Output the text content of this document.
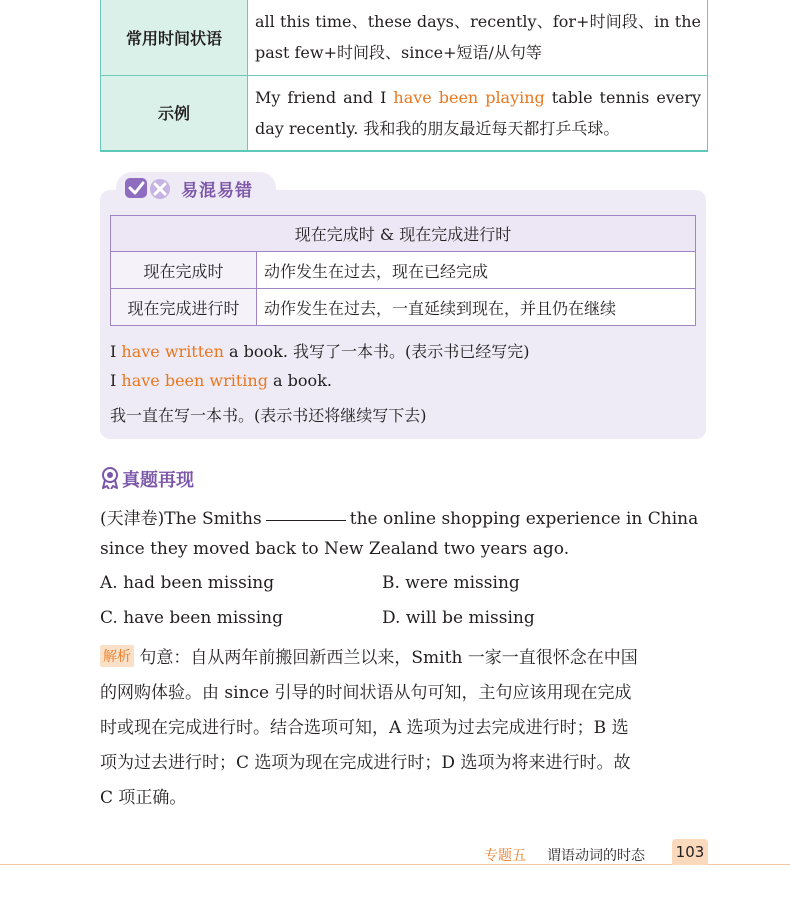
常用时间状语	all this time、these days、recently、for+时间段、in the past few+时间段、since+短语/从句等
示例	My friend and I have been playing table tennis every day recently. 我和我的朋友最近每天都打乒乓球。
易混易错
现在完成时 & 现在完成进行时	
现在完成时	动作发生在过去，现在已经完成
现在完成进行时	动作发生在过去，一直延续到现在，并且仍在继续
I have written a book. 我写了一本书。(表示书已经写完)
I have been writing a book.
我一直在写一本书。(表示书还将继续写下去)
真题再现
(天津卷)The Smiths	the online shopping experience in China
since they moved back to New Zealand two years ago.
A. had been missing	B. were missing
C. have been missing	D. will be missing
解析 句意：自从两年前搬回新西兰以来，Smith 一家一直很怀念在中国
的网购体验。由 since 引导的时间状语从句可知，主句应该用现在完成
时或现在完成进行时。结合选项可知，A 选项为过去完成进行时；B 选
项为过去进行时；C 选项为现在完成进行时；D 选项为将来进行时。故
C 项正确。
专题五 谓语动词的时态 103
